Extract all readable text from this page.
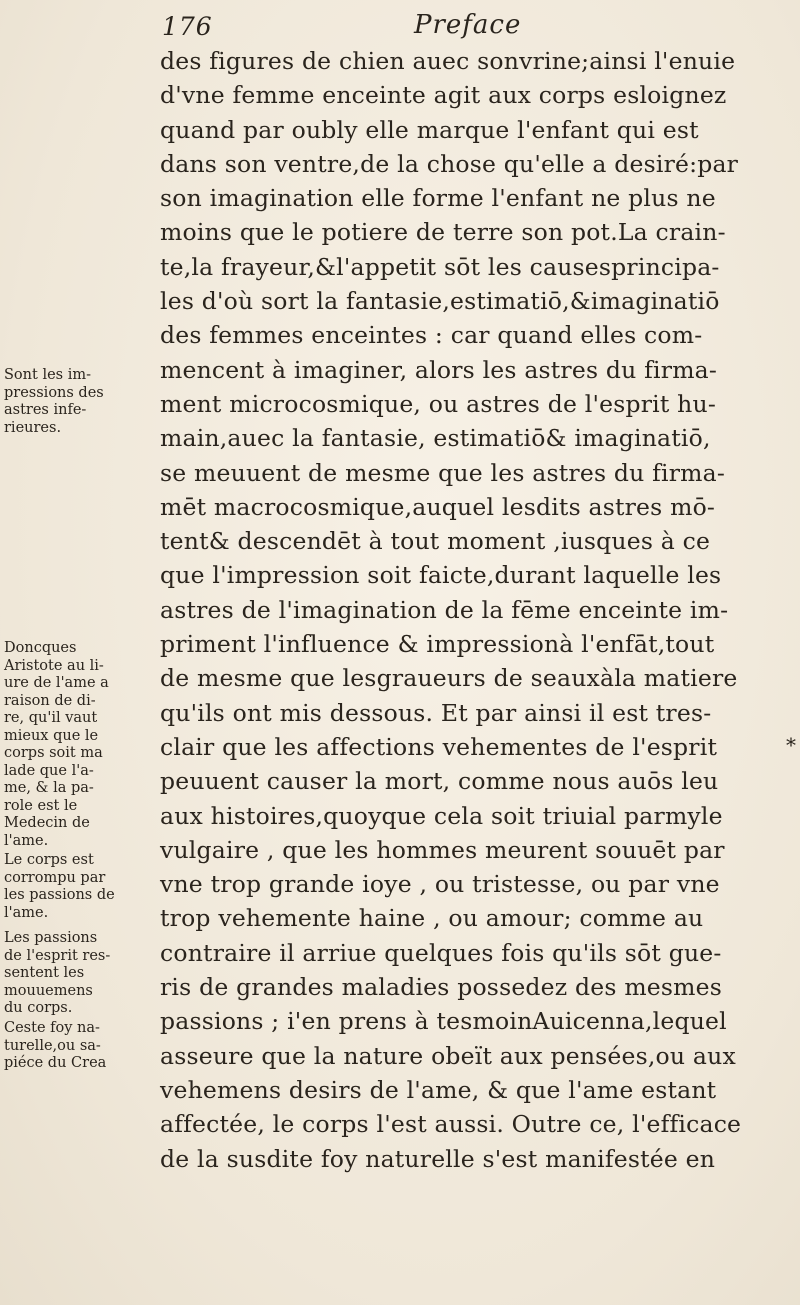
176	Preface
des figures de chien auec sonvrine;ainsi l'enuie
d'vne femme enceinte agit aux corps esloignez
quand par oubly elle marque l'enfant qui est
dans son ventre,de la chose qu'elle a desiré:par
son imagination elle forme l'enfant ne plus ne
moins que le potiere de terre son pot.La crain-
te,la frayeur,&l'appetit sōt les causesprincipa-
les d'où sort la fantasie,estimatiō,&imaginatiō
des femmes enceintes : car quand elles com-
mencent à imaginer, alors les astres du firma-
ment microcosmique, ou astres de l'esprit hu-
main,auec la fantasie, estimatiō& imaginatiō,
se meuuent de mesme que les astres du firma-
mēt macrocosmique,auquel lesdits astres mō-
tent& descendēt à tout moment ,iusques à ce
que l'impression soit faicte,durant laquelle les
astres de l'imagination de la fēme enceinte im-
priment l'influence & impressionà l'enfāt,tout
de mesme que lesgraueurs de seauxàla matiere
qu'ils ont mis dessous. Et par ainsi il est tres-
clair que les affections vehementes de l'esprit
peuuent causer la mort, comme nous auōs leu
aux histoires,quoyque cela soit triuial parmyle
vulgaire , que les hommes meurent souuēt par
vne trop grande ioye , ou tristesse, ou par vne
trop vehemente haine , ou amour; comme au
contraire il arriue quelques fois qu'ils sōt gue-
ris de grandes maladies possedez des mesmes
passions ; i'en prens à tesmoinAuicenna,lequel
asseure que la nature obeït aux pensées,ou aux
vehemens desirs de l'ame, & que l'ame estant
affectée, le corps l'est aussi. Outre ce, l'efficace
de la susdite foy naturelle s'est manifestée en
Sont les im-
pressions des
astres infe-
rieures.
Doncques
Aristote au li-
ure de l'ame a
raison de di-
re, qu'il vaut
mieux que le
corps soit ma
lade que l'a-
me, & la pa-
role est le
Medecin de
l'ame.
Le corps est
corrompu par
les passions de
l'ame.
Les passions
de l'esprit res-
sentent les
mouuemens
du corps.
Ceste foy na-
turelle,ou sa-
piéce du Crea
*
